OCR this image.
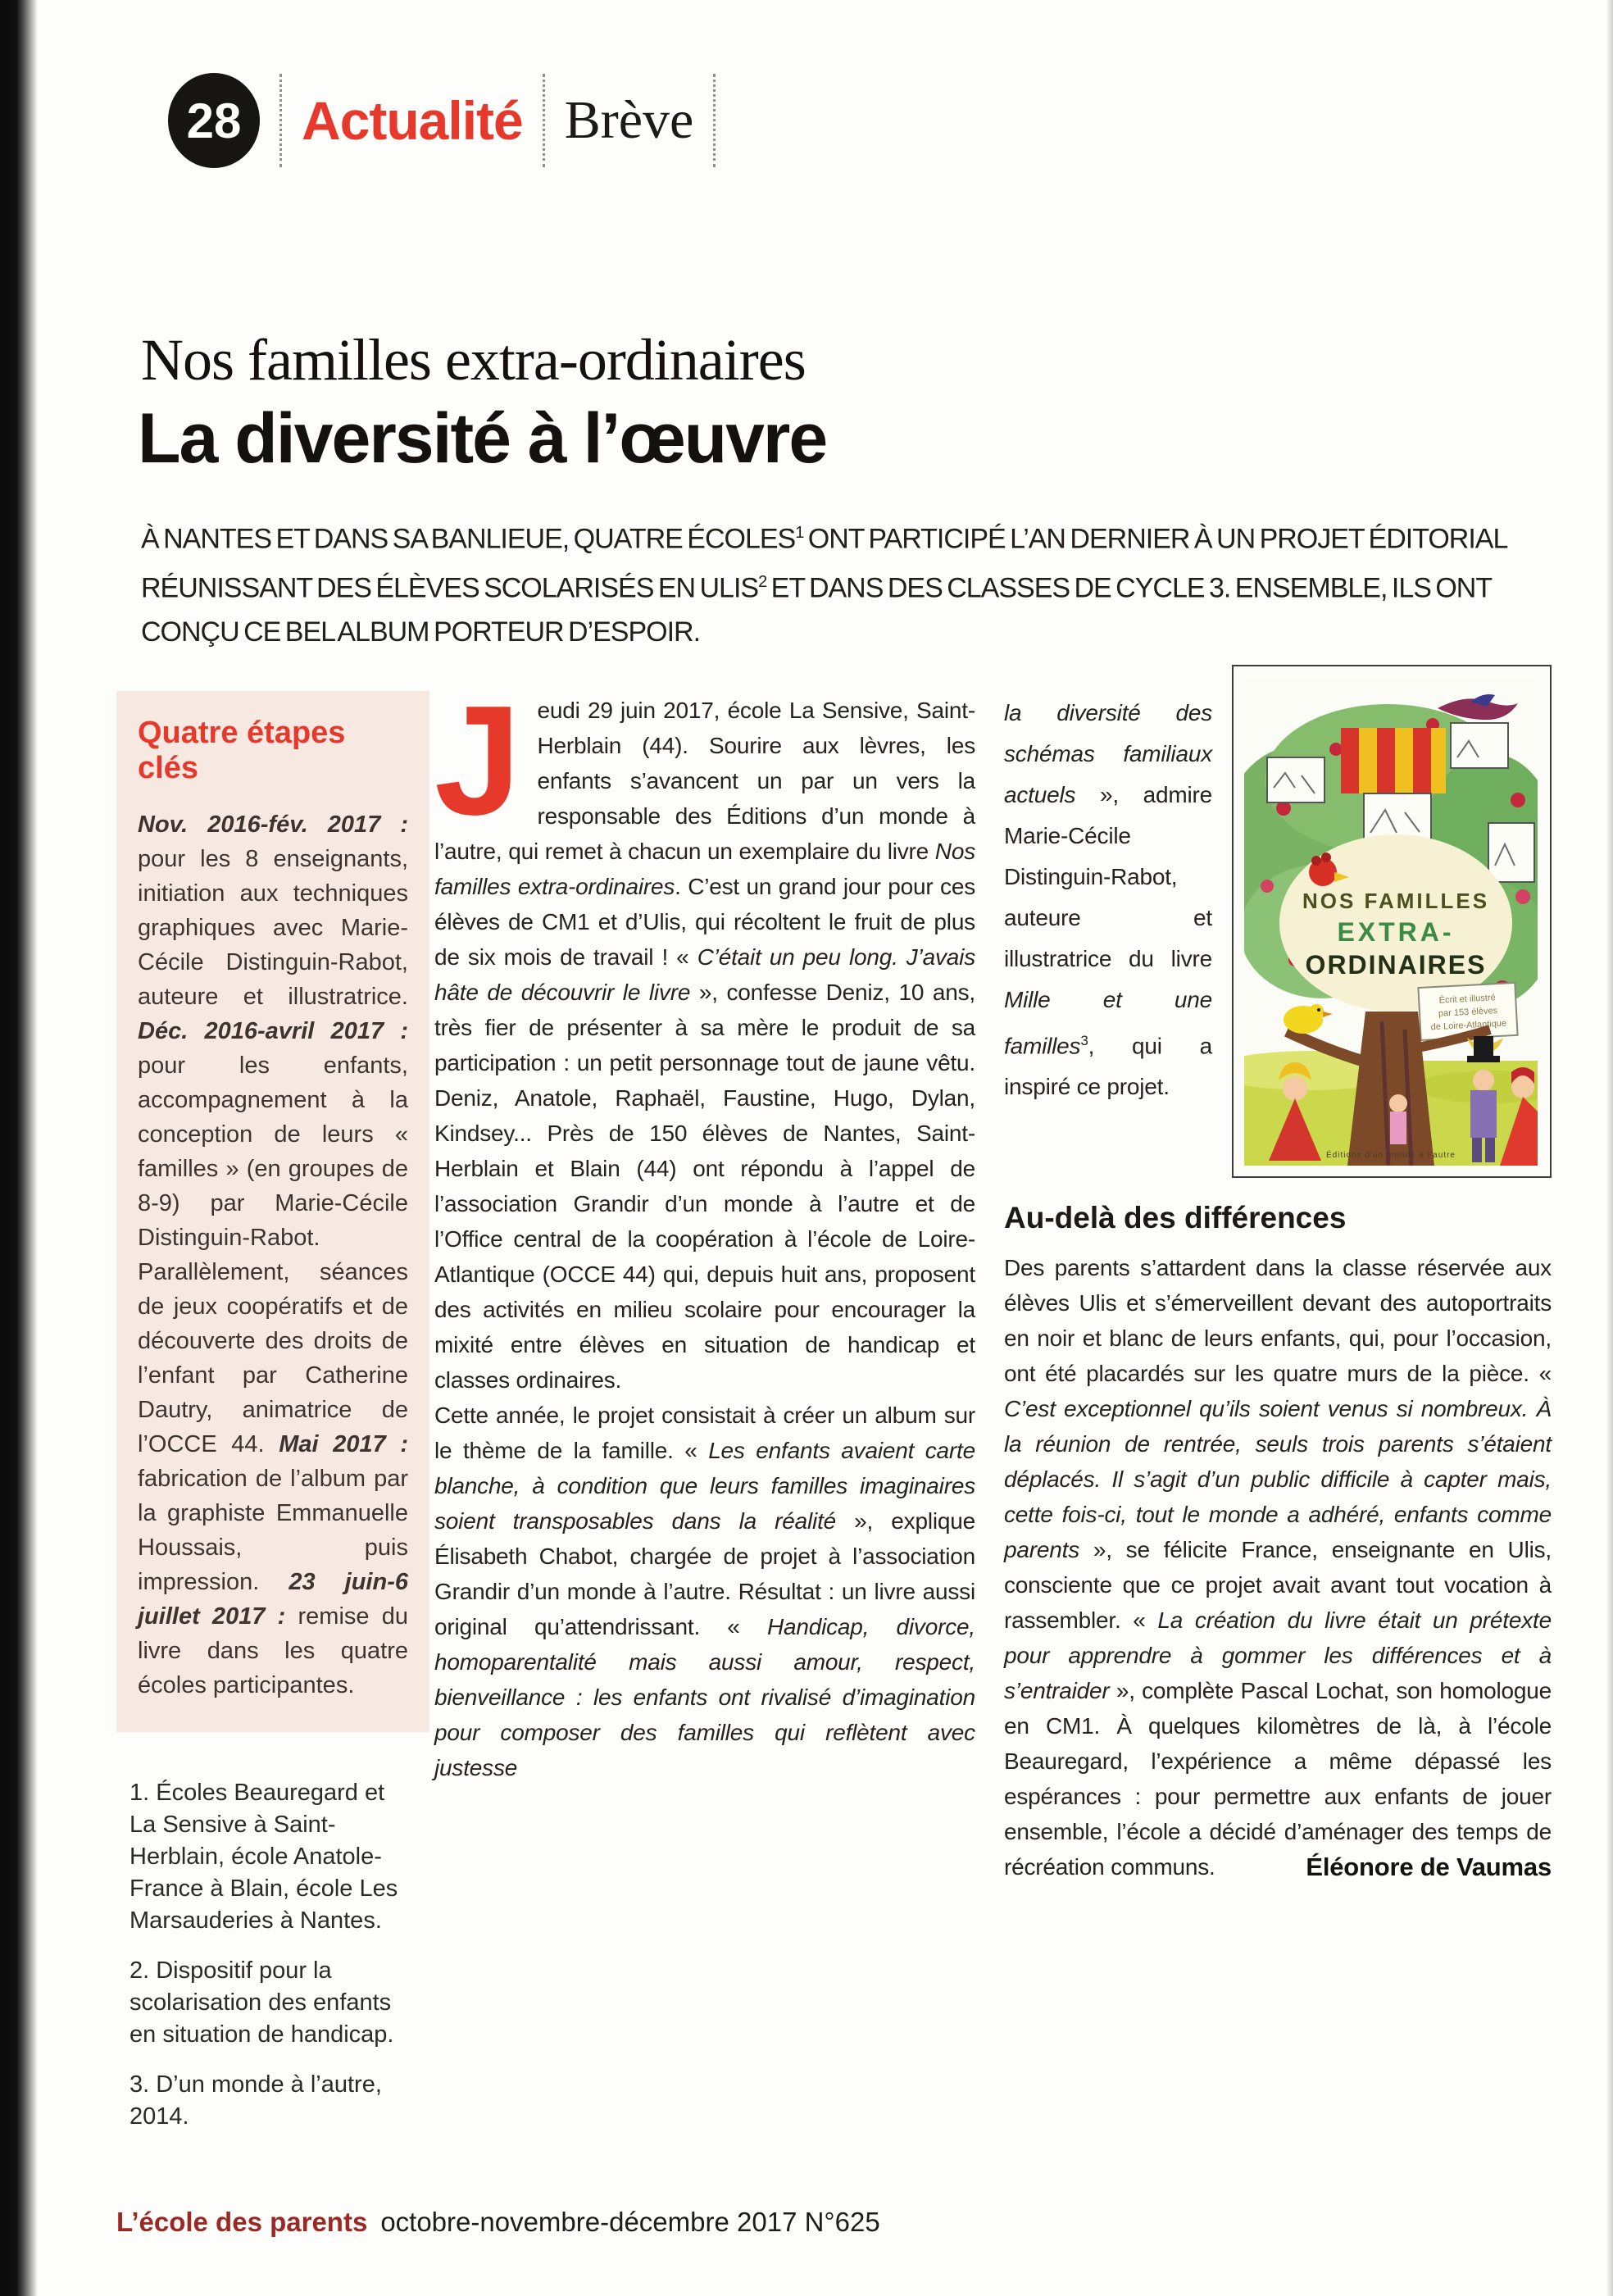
28 Actualité Brève
Nos familles extra-ordinaires
La diversité à l’œuvre
À NANTES ET DANS SA BANLIEUE, QUATRE ÉCOLES$^1$ ONT PARTICIPÉ L’AN DERNIER À UN PROJET ÉDITORIAL RÉUNISSANT DES ÉLÈVES SCOLARISÉS EN ULIS$^2$ ET DANS DES CLASSES DE CYCLE 3. ENSEMBLE, ILS ONT CONÇU CE BEL ALBUM PORTEUR D’ESPOIR.
Quatre étapes clés
Nov. 2016-fév. 2017 : pour les 8 enseignants, initiation aux techniques graphiques avec Marie-Cécile Distinguin-Rabot, auteure et illustratrice. Déc. 2016-avril 2017 : pour les enfants, accompagnement à la conception de leurs « familles » (en groupes de 8-9) par Marie-Cécile Distinguin-Rabot. Parallèlement, séances de jeux coopératifs et de découverte des droits de l’enfant par Catherine Dautry, animatrice de l’OCCE 44. Mai 2017 : fabrication de l’album par la graphiste Emmanuelle Houssais, puis impression. 23 juin-6 juillet 2017 : remise du livre dans les quatre écoles participantes.

Jeudi 29 juin 2017, école La Sensive, Saint-Herblain (44). Sourire aux lèvres, les enfants s’avancent un par un vers la responsable des Éditions d’un monde à l’autre, qui remet à chacun un exemplaire du livre Nos familles extra-ordinaires. C’est un grand jour pour ces élèves de CM1 et d’Ulis, qui récoltent le fruit de plus de six mois de travail ! « C’était un peu long. J’avais hâte de découvrir le livre », confesse Deniz, 10 ans, très fier de présenter à sa mère le produit de sa participation : un petit personnage tout de jaune vêtu. Deniz, Anatole, Raphaël, Faustine, Hugo, Dylan, Kindsey... Près de 150 élèves de Nantes, Saint-Herblain et Blain (44) ont répondu à l’appel de l’association Grandir d’un monde à l’autre et de l’Office central de la coopération à l’école de Loire-Atlantique (OCCE 44) qui, depuis huit ans, proposent des activités en milieu scolaire pour encourager la mixité entre élèves en situation de handicap et classes ordinaires.

Cette année, le projet consistait à créer un album sur le thème de la famille. « Les enfants avaient carte blanche, à condition que leurs familles imaginaires soient transposables dans la réalité », explique Élisabeth Chabot, chargée de projet à l’association Grandir d’un monde à l’autre. Résultat : un livre aussi original qu’attendrissant. « Handicap, divorce, homoparentalité mais aussi amour, respect, bienveillance : les enfants ont rivalisé d’imagination pour composer des familles qui reflètent avec justesse

NOS FAMILLES
EXTRA-
ORDINAIRES
Écrit et illustré
par 153 élèves
de Loire-Atlantique
Éditions d’un monde à l’autre

la diversité des schémas familiaux actuels », admire Marie-Cécile Distinguin-Rabot, auteure et illustratrice du livre Mille et une familles$^3$, qui a inspiré ce projet.

Au-delà des différences

Des parents s’attardent dans la classe réservée aux élèves Ulis et s’émerveillent devant des autoportraits en noir et blanc de leurs enfants, qui, pour l’occasion, ont été placardés sur les quatre murs de la pièce. « C’est exceptionnel qu’ils soient venus si nombreux. À la réunion de rentrée, seuls trois parents s’étaient déplacés. Il s’agit d’un public difficile à capter mais, cette fois-ci, tout le monde a adhéré, enfants comme parents », se félicite France, enseignante en Ulis, consciente que ce projet avait avant tout vocation à rassembler. « La création du livre était un prétexte pour apprendre à gommer les différences et à s’entraider », complète Pascal Lochat, son homologue en CM1. À quelques kilomètres de là, à l’école Beauregard, l’expérience a même dépassé les espérances : pour permettre aux enfants de jouer ensemble, l’école a décidé d’aménager des temps de récréation communs.	Éléonore de Vaumas

1. Écoles Beauregard et La Sensive à Saint-Herblain, école Anatole-France à Blain, école Les Marsauderies à Nantes.
2. Dispositif pour la scolarisation des enfants en situation de handicap.
3. D’un monde à l’autre, 2014.
L’école des parents octobre-novembre-décembre 2017 N°625
